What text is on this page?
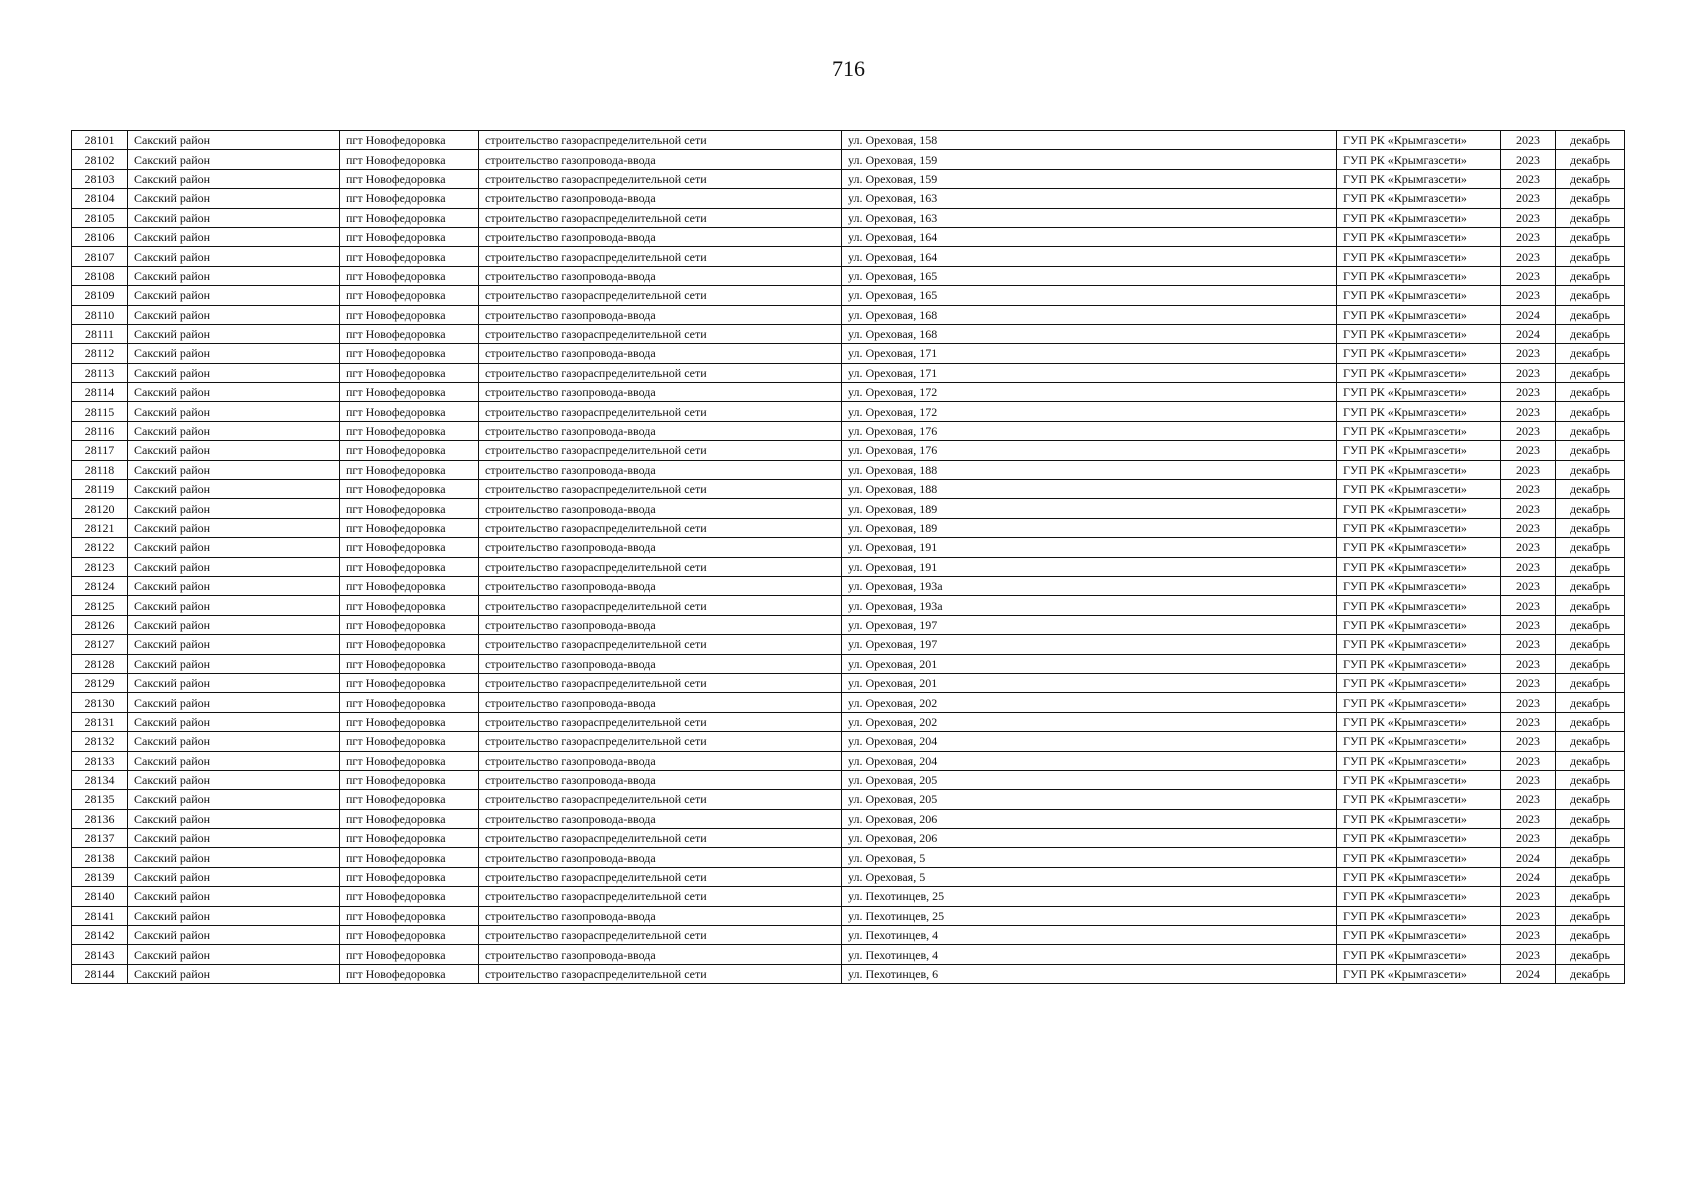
716
28101	Сакский район	пгт Новофедоровка	строительство газораспределительной сети	ул. Ореховая, 158	ГУП РК «Крымгазсети»	2023	декабрь
28102	Сакский район	пгт Новофедоровка	строительство газопровода-ввода	ул. Ореховая, 159	ГУП РК «Крымгазсети»	2023	декабрь
28103	Сакский район	пгт Новофедоровка	строительство газораспределительной сети	ул. Ореховая, 159	ГУП РК «Крымгазсети»	2023	декабрь
28104	Сакский район	пгт Новофедоровка	строительство газопровода-ввода	ул. Ореховая, 163	ГУП РК «Крымгазсети»	2023	декабрь
28105	Сакский район	пгт Новофедоровка	строительство газораспределительной сети	ул. Ореховая, 163	ГУП РК «Крымгазсети»	2023	декабрь
28106	Сакский район	пгт Новофедоровка	строительство газопровода-ввода	ул. Ореховая, 164	ГУП РК «Крымгазсети»	2023	декабрь
28107	Сакский район	пгт Новофедоровка	строительство газораспределительной сети	ул. Ореховая, 164	ГУП РК «Крымгазсети»	2023	декабрь
28108	Сакский район	пгт Новофедоровка	строительство газопровода-ввода	ул. Ореховая, 165	ГУП РК «Крымгазсети»	2023	декабрь
28109	Сакский район	пгт Новофедоровка	строительство газораспределительной сети	ул. Ореховая, 165	ГУП РК «Крымгазсети»	2023	декабрь
28110	Сакский район	пгт Новофедоровка	строительство газопровода-ввода	ул. Ореховая, 168	ГУП РК «Крымгазсети»	2024	декабрь
28111	Сакский район	пгт Новофедоровка	строительство газораспределительной сети	ул. Ореховая, 168	ГУП РК «Крымгазсети»	2024	декабрь
28112	Сакский район	пгт Новофедоровка	строительство газопровода-ввода	ул. Ореховая, 171	ГУП РК «Крымгазсети»	2023	декабрь
28113	Сакский район	пгт Новофедоровка	строительство газораспределительной сети	ул. Ореховая, 171	ГУП РК «Крымгазсети»	2023	декабрь
28114	Сакский район	пгт Новофедоровка	строительство газопровода-ввода	ул. Ореховая, 172	ГУП РК «Крымгазсети»	2023	декабрь
28115	Сакский район	пгт Новофедоровка	строительство газораспределительной сети	ул. Ореховая, 172	ГУП РК «Крымгазсети»	2023	декабрь
28116	Сакский район	пгт Новофедоровка	строительство газопровода-ввода	ул. Ореховая, 176	ГУП РК «Крымгазсети»	2023	декабрь
28117	Сакский район	пгт Новофедоровка	строительство газораспределительной сети	ул. Ореховая, 176	ГУП РК «Крымгазсети»	2023	декабрь
28118	Сакский район	пгт Новофедоровка	строительство газопровода-ввода	ул. Ореховая, 188	ГУП РК «Крымгазсети»	2023	декабрь
28119	Сакский район	пгт Новофедоровка	строительство газораспределительной сети	ул. Ореховая, 188	ГУП РК «Крымгазсети»	2023	декабрь
28120	Сакский район	пгт Новофедоровка	строительство газопровода-ввода	ул. Ореховая, 189	ГУП РК «Крымгазсети»	2023	декабрь
28121	Сакский район	пгт Новофедоровка	строительство газораспределительной сети	ул. Ореховая, 189	ГУП РК «Крымгазсети»	2023	декабрь
28122	Сакский район	пгт Новофедоровка	строительство газопровода-ввода	ул. Ореховая, 191	ГУП РК «Крымгазсети»	2023	декабрь
28123	Сакский район	пгт Новофедоровка	строительство газораспределительной сети	ул. Ореховая, 191	ГУП РК «Крымгазсети»	2023	декабрь
28124	Сакский район	пгт Новофедоровка	строительство газопровода-ввода	ул. Ореховая, 193а	ГУП РК «Крымгазсети»	2023	декабрь
28125	Сакский район	пгт Новофедоровка	строительство газораспределительной сети	ул. Ореховая, 193а	ГУП РК «Крымгазсети»	2023	декабрь
28126	Сакский район	пгт Новофедоровка	строительство газопровода-ввода	ул. Ореховая, 197	ГУП РК «Крымгазсети»	2023	декабрь
28127	Сакский район	пгт Новофедоровка	строительство газораспределительной сети	ул. Ореховая, 197	ГУП РК «Крымгазсети»	2023	декабрь
28128	Сакский район	пгт Новофедоровка	строительство газопровода-ввода	ул. Ореховая, 201	ГУП РК «Крымгазсети»	2023	декабрь
28129	Сакский район	пгт Новофедоровка	строительство газораспределительной сети	ул. Ореховая, 201	ГУП РК «Крымгазсети»	2023	декабрь
28130	Сакский район	пгт Новофедоровка	строительство газопровода-ввода	ул. Ореховая, 202	ГУП РК «Крымгазсети»	2023	декабрь
28131	Сакский район	пгт Новофедоровка	строительство газораспределительной сети	ул. Ореховая, 202	ГУП РК «Крымгазсети»	2023	декабрь
28132	Сакский район	пгт Новофедоровка	строительство газораспределительной сети	ул. Ореховая, 204	ГУП РК «Крымгазсети»	2023	декабрь
28133	Сакский район	пгт Новофедоровка	строительство газопровода-ввода	ул. Ореховая, 204	ГУП РК «Крымгазсети»	2023	декабрь
28134	Сакский район	пгт Новофедоровка	строительство газопровода-ввода	ул. Ореховая, 205	ГУП РК «Крымгазсети»	2023	декабрь
28135	Сакский район	пгт Новофедоровка	строительство газораспределительной сети	ул. Ореховая, 205	ГУП РК «Крымгазсети»	2023	декабрь
28136	Сакский район	пгт Новофедоровка	строительство газопровода-ввода	ул. Ореховая, 206	ГУП РК «Крымгазсети»	2023	декабрь
28137	Сакский район	пгт Новофедоровка	строительство газораспределительной сети	ул. Ореховая, 206	ГУП РК «Крымгазсети»	2023	декабрь
28138	Сакский район	пгт Новофедоровка	строительство газопровода-ввода	ул. Ореховая, 5	ГУП РК «Крымгазсети»	2024	декабрь
28139	Сакский район	пгт Новофедоровка	строительство газораспределительной сети	ул. Ореховая, 5	ГУП РК «Крымгазсети»	2024	декабрь
28140	Сакский район	пгт Новофедоровка	строительство газораспределительной сети	ул. Пехотинцев, 25	ГУП РК «Крымгазсети»	2023	декабрь
28141	Сакский район	пгт Новофедоровка	строительство газопровода-ввода	ул. Пехотинцев, 25	ГУП РК «Крымгазсети»	2023	декабрь
28142	Сакский район	пгт Новофедоровка	строительство газораспределительной сети	ул. Пехотинцев, 4	ГУП РК «Крымгазсети»	2023	декабрь
28143	Сакский район	пгт Новофедоровка	строительство газопровода-ввода	ул. Пехотинцев, 4	ГУП РК «Крымгазсети»	2023	декабрь
28144	Сакский район	пгт Новофедоровка	строительство газораспределительной сети	ул. Пехотинцев, 6	ГУП РК «Крымгазсети»	2024	декабрь
